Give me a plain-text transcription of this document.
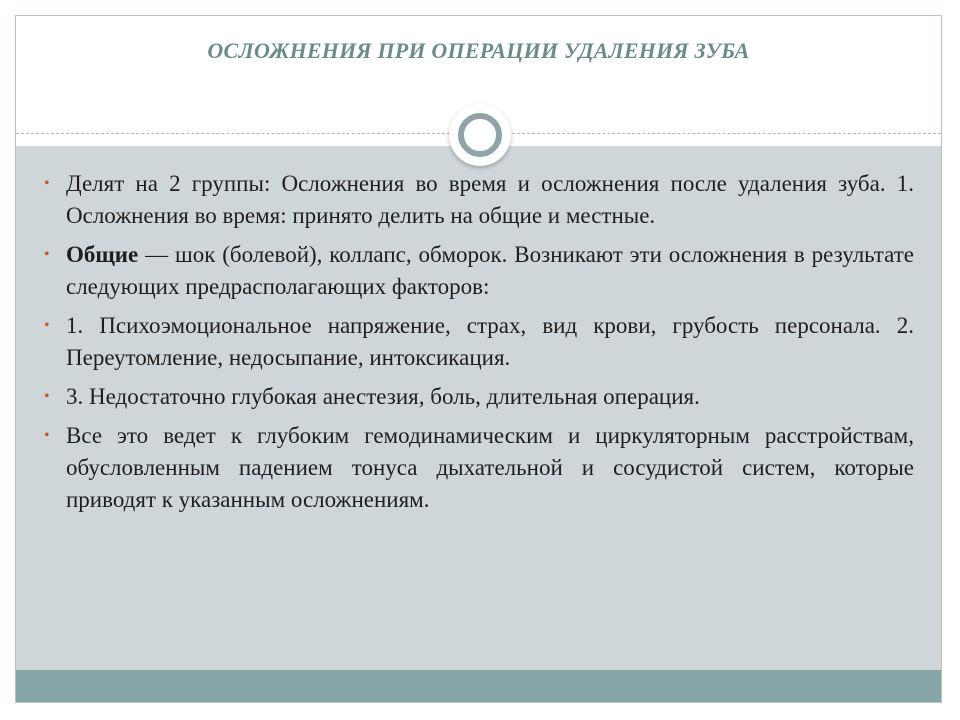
ОСЛОЖНЕНИЯ ПРИ ОПЕРАЦИИ УДАЛЕНИЯ ЗУБА
• Делят на 2 группы: Осложнения во время и осложнения после удаления зуба. 1. Осложнения во время: принято делить на общие и местные.
• Общие — шок (болевой), коллапс, обморок. Возникают эти осложнения в результате следующих предрасполагающих факторов:
• 1. Психоэмоциональное напряжение, страх, вид крови, грубость персонала. 2. Переутомление, недосыпание, интоксикация.
• 3. Недостаточно глубокая анестезия, боль, длительная операция.
• Все это ведет к глубоким гемодинамическим и циркуляторным расстройствам, обусловленным падением тонуса дыхательной и сосудистой систем, которые приводят к указанным осложнениям.
